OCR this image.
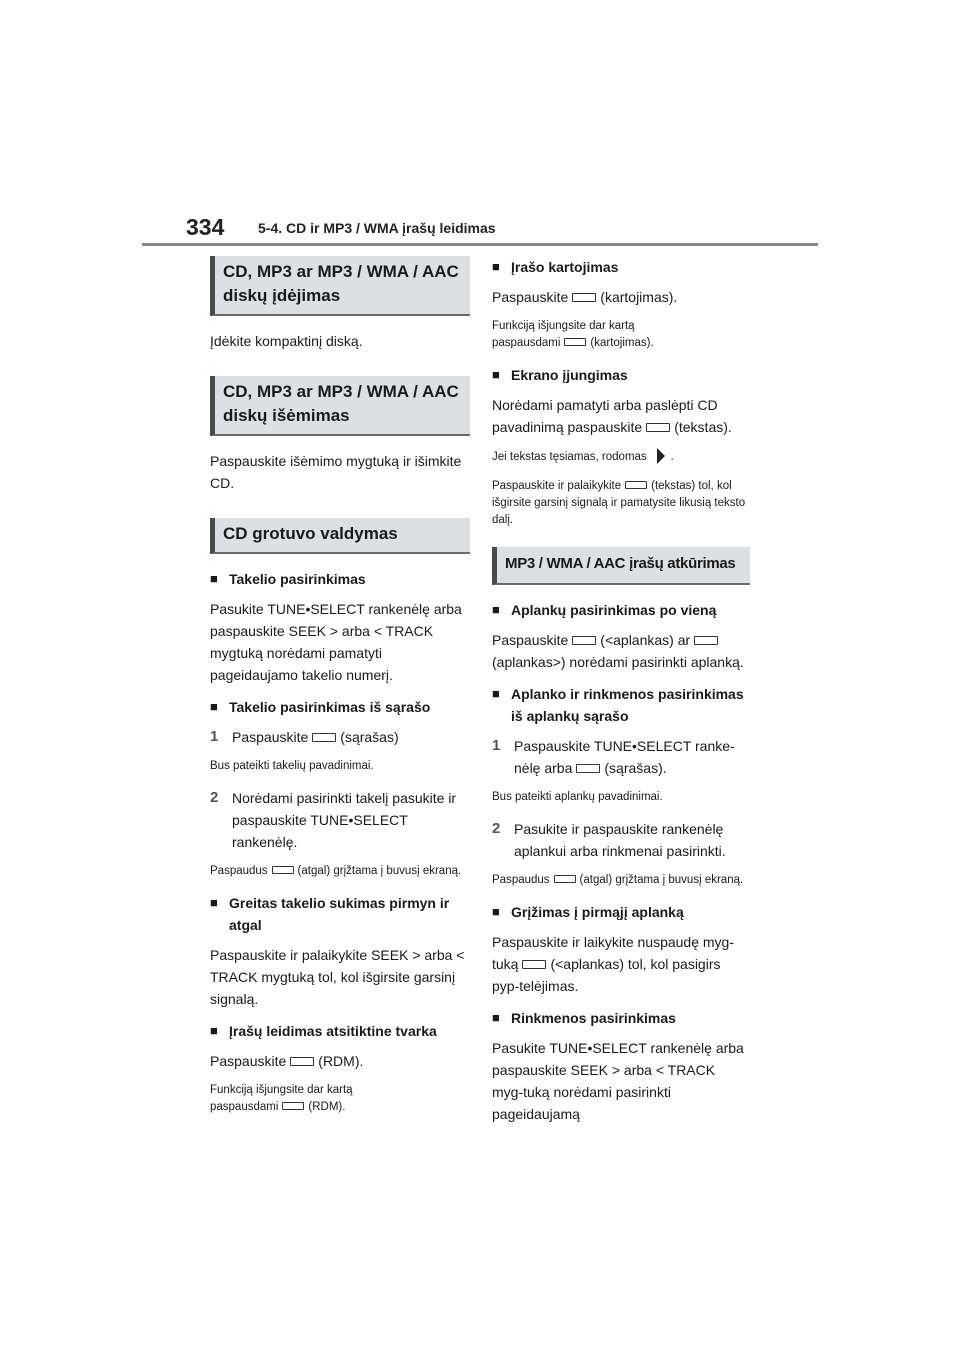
334 5-4. CD ir MP3 / WMA įrašų leidimas
CD, MP3 ar MP3 / WMA / AAC diskų įdėjimas

Įdėkite kompaktinį diską.

CD, MP3 ar MP3 / WMA / AAC diskų išėmimas

Paspauskite išėmimo mygtuką ir išimkite CD.

CD grotuvo valdymas
■ Takelio pasirinkimas

Pasukite TUNE•SELECT rankenėlę arba paspauskite SEEK > arba < TRACK mygtuką norėdami pamatyti pageidaujamo takelio numerį.

■ Takelio pasirinkimas iš sąrašo
1 Paspauskite (sąrašas)

Bus pateikti takelių pavadinimai.

2 Norėdami pasirinkti takelį pasukite ir paspauskite TUNE•SELECT rankenėlę.

Paspaudus	(atgal) grįžtama į buvusį ekraną.

■ Greitas takelio sukimas pirmyn ir atgal

Paspauskite ir palaikykite SEEK > arba < TRACK mygtuką tol, kol išgirsite garsinį signalą.

■ Įrašų leidimas atsitiktine tvarka

Paspauskite (RDM).

Funkciją išjungsite dar kartą
paspausdami	(RDM).

■ Įrašo kartojimas

Paspauskite (kartojimas).

Funkciją išjungsite dar kartą
paspausdami	(kartojimas).

■ Ekrano įjungimas

Norėdami pamatyti arba paslėpti CD
pavadinimą paspauskite (tekstas).

Jei tekstas tęsiamas, rodomas .

Paspauskite ir palaikykite	(tekstas) tol, kol išgirsite garsinį signalą ir pamatysite likusią teksto dalį.

MP3 / WMA / AAC įrašų atkūrimas
■ Aplankų pasirinkimas po vieną

Paspauskite (<aplankas) ar
(aplankas>) norėdami pasirinkti aplanką.

■ Aplanko ir rinkmenos pasirinkimas iš aplankų sąrašo
1 Paspauskite TUNE•SELECT ranke-nėlę arba (sąrašas).

Bus pateikti aplankų pavadinimai.

2 Pasukite ir paspauskite rankenėlę aplankui arba rinkmenai pasirinkti.

Paspaudus	(atgal) grįžtama į buvusį ekraną.

■ Grįžimas į pirmąjį aplanką

Paspauskite ir laikykite nuspaudę myg-tuką (<aplankas) tol, kol pasigirs pyp-telėjimas.

■ Rinkmenos pasirinkimas

Pasukite TUNE•SELECT rankenėlę arba paspauskite SEEK > arba < TRACK myg-tuką norėdami pasirinkti pageidaujamą
